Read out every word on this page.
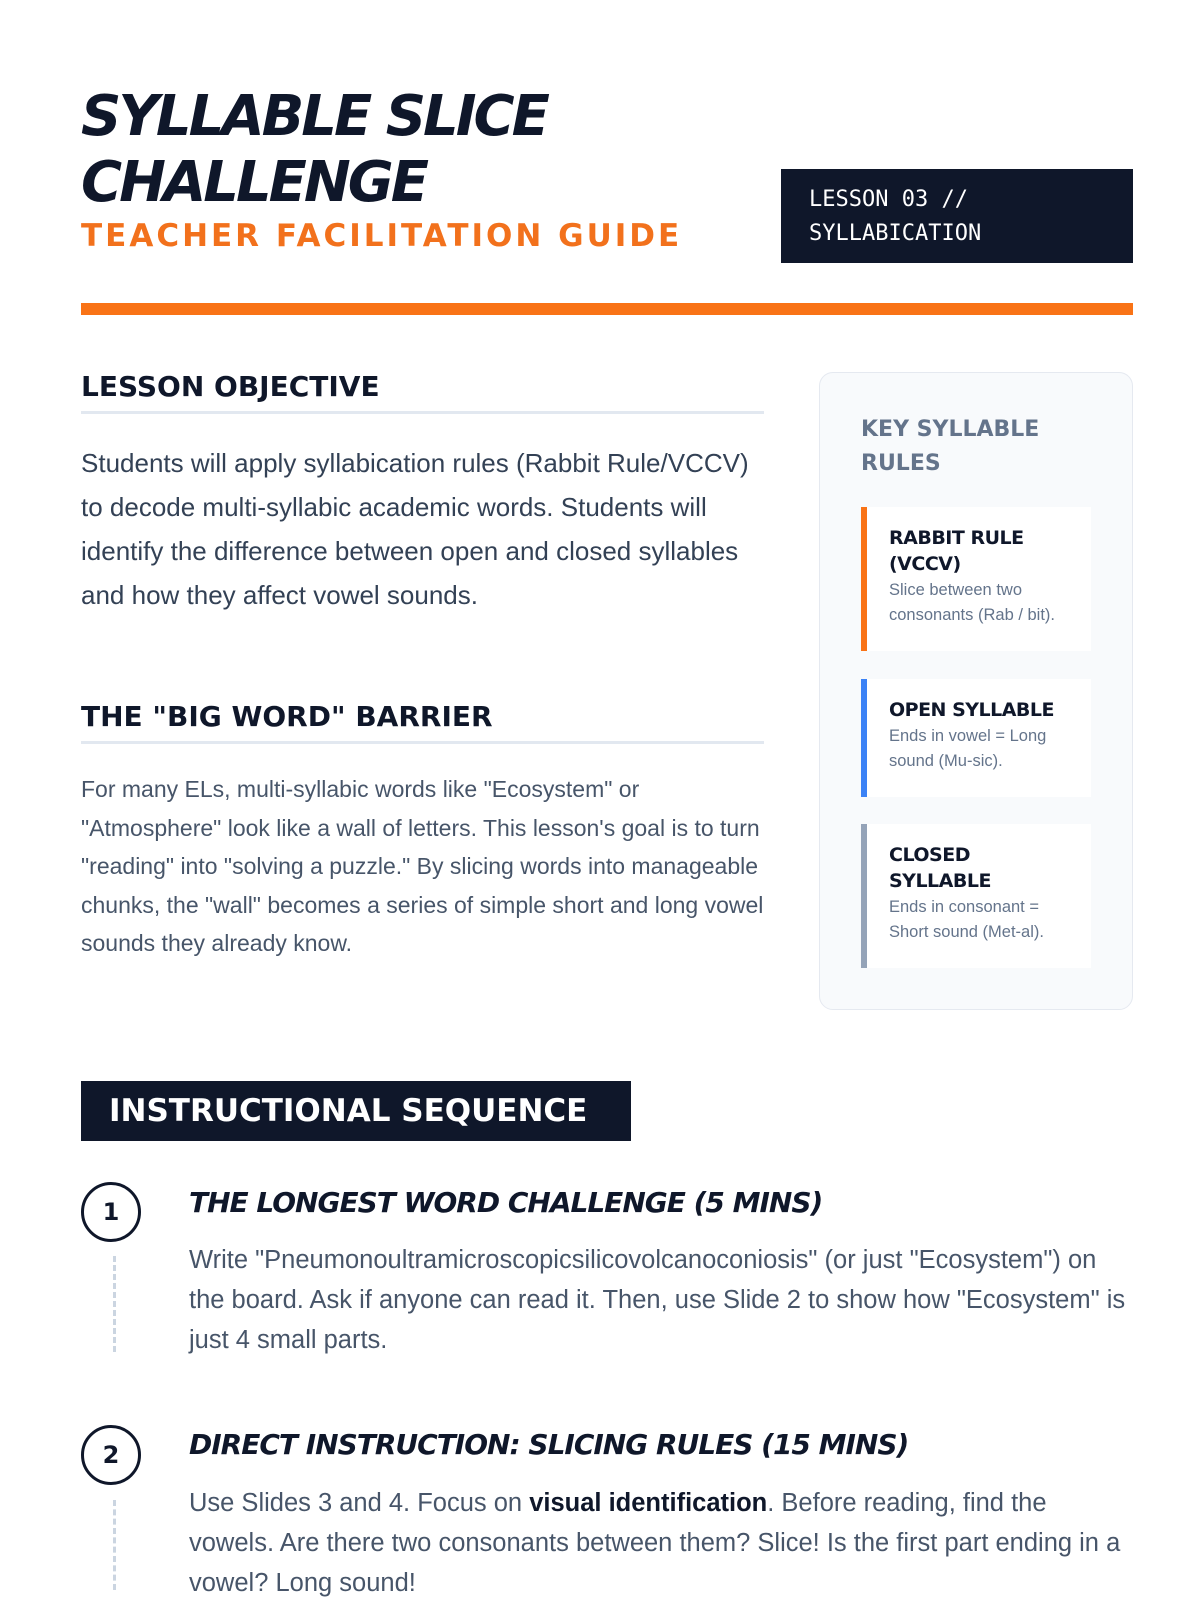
SYLLABLE SLICE
CHALLENGE
TEACHER FACILITATION GUIDE
LESSON 03 //
SYLLABICATION
LESSON OBJECTIVE
Students will apply syllabication rules (Rabbit Rule/VCCV) to decode multi-syllabic academic words. Students will identify the difference between open and closed syllables and how they affect vowel sounds.
THE "BIG WORD" BARRIER
For many ELs, multi-syllabic words like "Ecosystem" or "Atmosphere" look like a wall of letters. This lesson's goal is to turn "reading" into "solving a puzzle." By slicing words into manageable chunks, the "wall" becomes a series of simple short and long vowel sounds they already know.
KEY SYLLABLE RULES
RABBIT RULE (VCCV)
Slice between two consonants (Rab / bit).
OPEN SYLLABLE
Ends in vowel = Long sound (Mu-sic).
CLOSED SYLLABLE
Ends in consonant = Short sound (Met-al).
INSTRUCTIONAL SEQUENCE
1	THE LONGEST WORD CHALLENGE (5 MINS)
Write "Pneumonoultramicroscopicsilicovolcanoconiosis" (or just "Ecosystem") on the board. Ask if anyone can read it. Then, use Slide 2 to show how "Ecosystem" is just 4 small parts.
2	DIRECT INSTRUCTION: SLICING RULES (15 MINS)
Use Slides 3 and 4. Focus on visual identification. Before reading, find the vowels. Are there two consonants between them? Slice! Is the first part ending in a vowel? Long sound!
